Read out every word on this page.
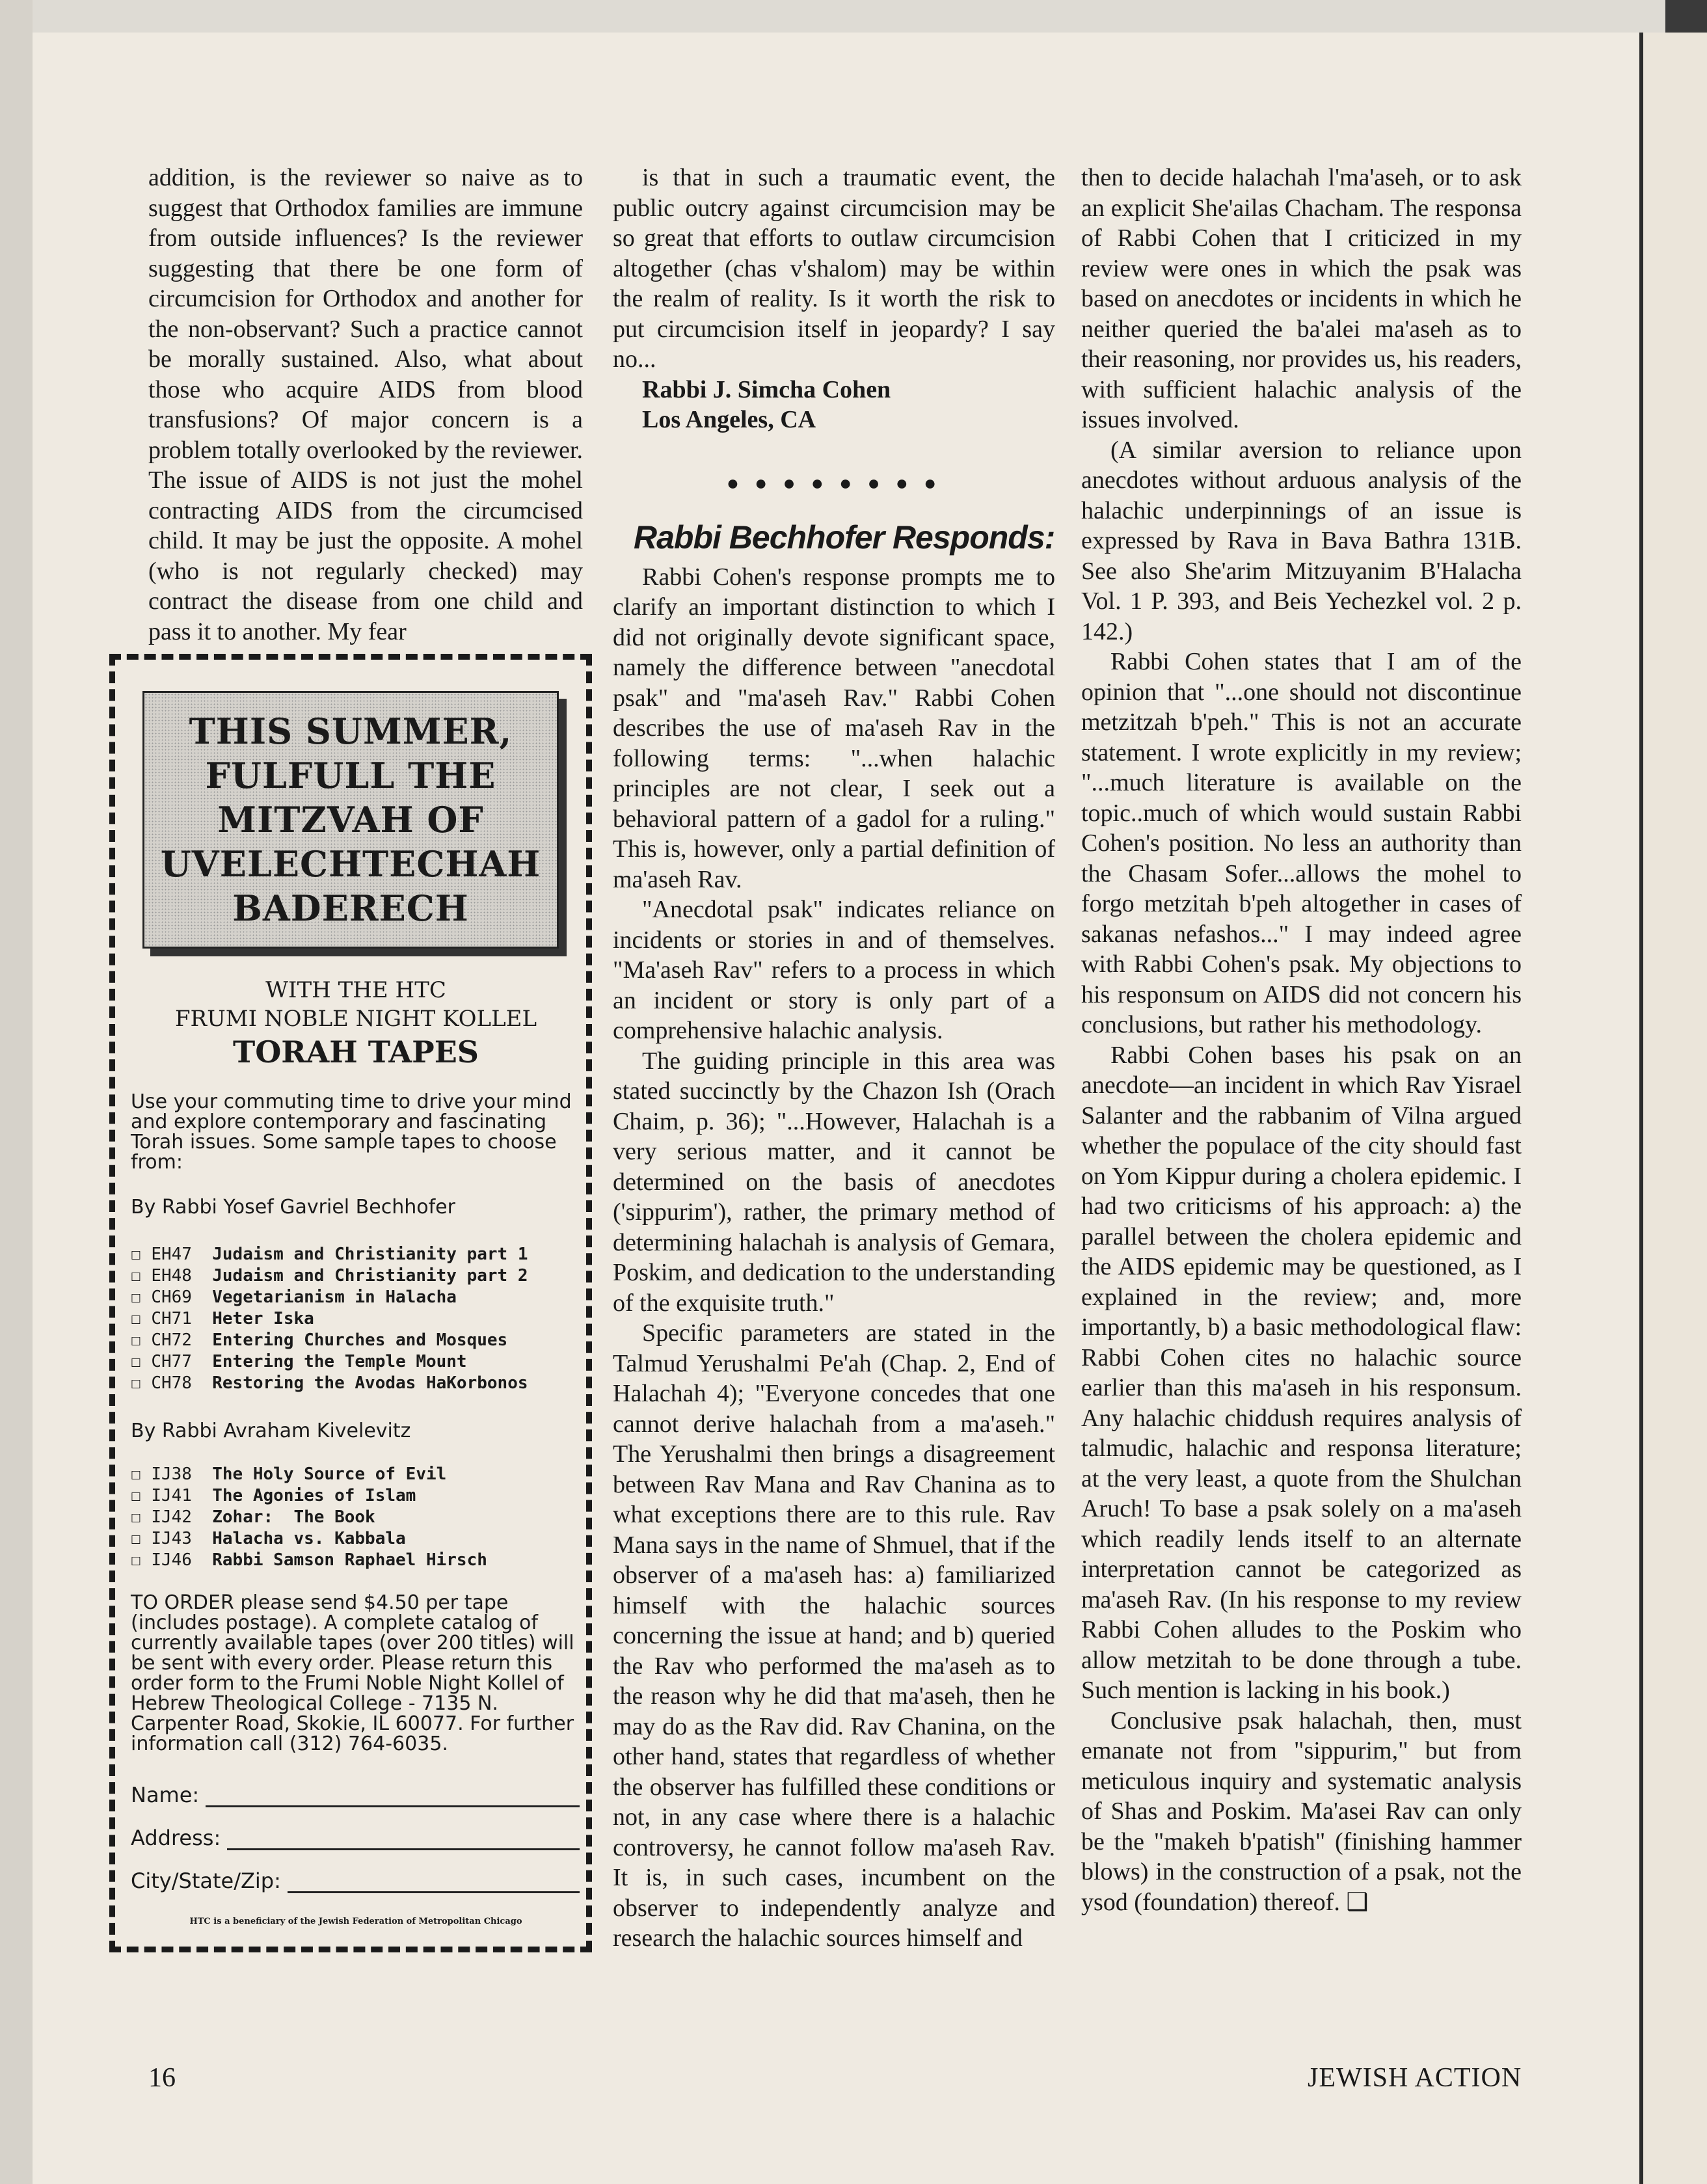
addition, is the reviewer so naive as to suggest that Orthodox families are immune from outside influences? Is the reviewer suggesting that there be one form of circumcision for Orthodox and another for the non-observant? Such a practice cannot be morally sustained. Also, what about those who acquire AIDS from blood transfusions? Of major concern is a problem totally overlooked by the reviewer. The issue of AIDS is not just the mohel contracting AIDS from the circumcised child. It may be just the opposite. A mohel (who is not regularly checked) may contract the disease from one child and pass it to another. My fear

THIS SUMMER,
FULFULL THE
MITZVAH OF
UVELECHTECHAH
BADERECH
WITH THE HTC
FRUMI NOBLE NIGHT KOLLEL
TORAH TAPES
Use your commuting time to drive your mind and explore contemporary and fascinating Torah issues. Some sample tapes to choose from:
By Rabbi Yosef Gavriel Bechhofer
☐ EH47 Judaism and Christianity part 1
☐ EH48 Judaism and Christianity part 2
☐ CH69 Vegetarianism in Halacha
☐ CH71 Heter Iska
☐ CH72 Entering Churches and Mosques
☐ CH77 Entering the Temple Mount
☐ CH78 Restoring the Avodas HaKorbonos
By Rabbi Avraham Kivelevitz
☐ IJ38 The Holy Source of Evil
☐ IJ41 The Agonies of Islam
☐ IJ42 Zohar:  The Book
☐ IJ43 Halacha vs. Kabbala
☐ IJ46 Rabbi Samson Raphael Hirsch
TO ORDER please send $4.50 per tape (includes postage). A complete catalog of currently available tapes (over 200 titles) will be sent with every order. Please return this order form to the Frumi Noble Night Kollel of Hebrew Theological College - 7135 N. Carpenter Road, Skokie, IL 60077. For further information call (312) 764-6035.
Name:
Address:
City/State/Zip:
HTC is a beneficiary of the Jewish Federation of Metropolitan Chicago

is that in such a traumatic event, the public outcry against circumcision may be so great that efforts to outlaw circumcision altogether (chas v'shalom) may be within the realm of reality. Is it worth the risk to put circumcision itself in jeopardy? I say no...

Rabbi J. Simcha Cohen
Los Angeles, CA
● ● ● ● ● ● ● ●
Rabbi Bechhofer Responds:

Rabbi Cohen's response prompts me to clarify an important distinction to which I did not originally devote significant space, namely the difference between "anecdotal psak" and "ma'aseh Rav." Rabbi Cohen describes the use of ma'aseh Rav in the following terms: "...when halachic principles are not clear, I seek out a behavioral pattern of a gadol for a ruling." This is, however, only a partial definition of ma'aseh Rav.

"Anecdotal psak" indicates reliance on incidents or stories in and of themselves. "Ma'aseh Rav" refers to a process in which an incident or story is only part of a comprehensive halachic analysis.

The guiding principle in this area was stated succinctly by the Chazon Ish (Orach Chaim, p. 36); "...However, Halachah is a very serious matter, and it cannot be determined on the basis of anecdotes ('sippurim'), rather, the primary method of determining halachah is analysis of Gemara, Poskim, and dedication to the understanding of the exquisite truth."

Specific parameters are stated in the Talmud Yerushalmi Pe'ah (Chap. 2, End of Halachah 4); "Everyone concedes that one cannot derive halachah from a ma'aseh." The Yerushalmi then brings a disagreement between Rav Mana and Rav Chanina as to what exceptions there are to this rule. Rav Mana says in the name of Shmuel, that if the observer of a ma'aseh has: a) familiarized himself with the halachic sources concerning the issue at hand; and b) queried the Rav who performed the ma'aseh as to the reason why he did that ma'aseh, then he may do as the Rav did. Rav Chanina, on the other hand, states that regardless of whether the observer has fulfilled these conditions or not, in any case where there is a halachic controversy, he cannot follow ma'aseh Rav. It is, in such cases, incumbent on the observer to independently analyze and research the halachic sources himself and

then to decide halachah l'ma'aseh, or to ask an explicit She'ailas Chacham. The responsa of Rabbi Cohen that I criticized in my review were ones in which the psak was based on anecdotes or incidents in which he neither queried the ba'alei ma'aseh as to their reasoning, nor provides us, his readers, with sufficient halachic analysis of the issues involved.

(A similar aversion to reliance upon anecdotes without arduous analysis of the halachic underpinnings of an issue is expressed by Rava in Bava Bathra 131B. See also She'arim Mitzuyanim B'Halacha Vol. 1 P. 393, and Beis Yechezkel vol. 2 p. 142.)

Rabbi Cohen states that I am of the opinion that "...one should not discontinue metzitzah b'peh." This is not an accurate statement. I wrote explicitly in my review; "...much literature is available on the topic..much of which would sustain Rabbi Cohen's position. No less an authority than the Chasam Sofer...allows the mohel to forgo metzitah b'peh altogether in cases of sakanas nefashos..." I may indeed agree with Rabbi Cohen's psak. My objections to his responsum on AIDS did not concern his conclusions, but rather his methodology.

Rabbi Cohen bases his psak on an anecdote—an incident in which Rav Yisrael Salanter and the rabbanim of Vilna argued whether the populace of the city should fast on Yom Kippur during a cholera epidemic. I had two criticisms of his approach: a) the parallel between the cholera epidemic and the AIDS epidemic may be questioned, as I explained in the review; and, more importantly, b) a basic methodological flaw: Rabbi Cohen cites no halachic source earlier than this ma'aseh in his responsum. Any halachic chiddush requires analysis of talmudic, halachic and responsa literature; at the very least, a quote from the Shulchan Aruch! To base a psak solely on a ma'aseh which readily lends itself to an alternate interpretation cannot be categorized as ma'aseh Rav. (In his response to my review Rabbi Cohen alludes to the Poskim who allow metzitah to be done through a tube. Such mention is lacking in his book.)

Conclusive psak halachah, then, must emanate not from "sippurim," but from meticulous inquiry and systematic analysis of Shas and Poskim. Ma'asei Rav can only be the "makeh b'patish" (finishing hammer blows) in the construction of a psak, not the ysod (foundation) thereof. ❑

16	JEWISH ACTION
